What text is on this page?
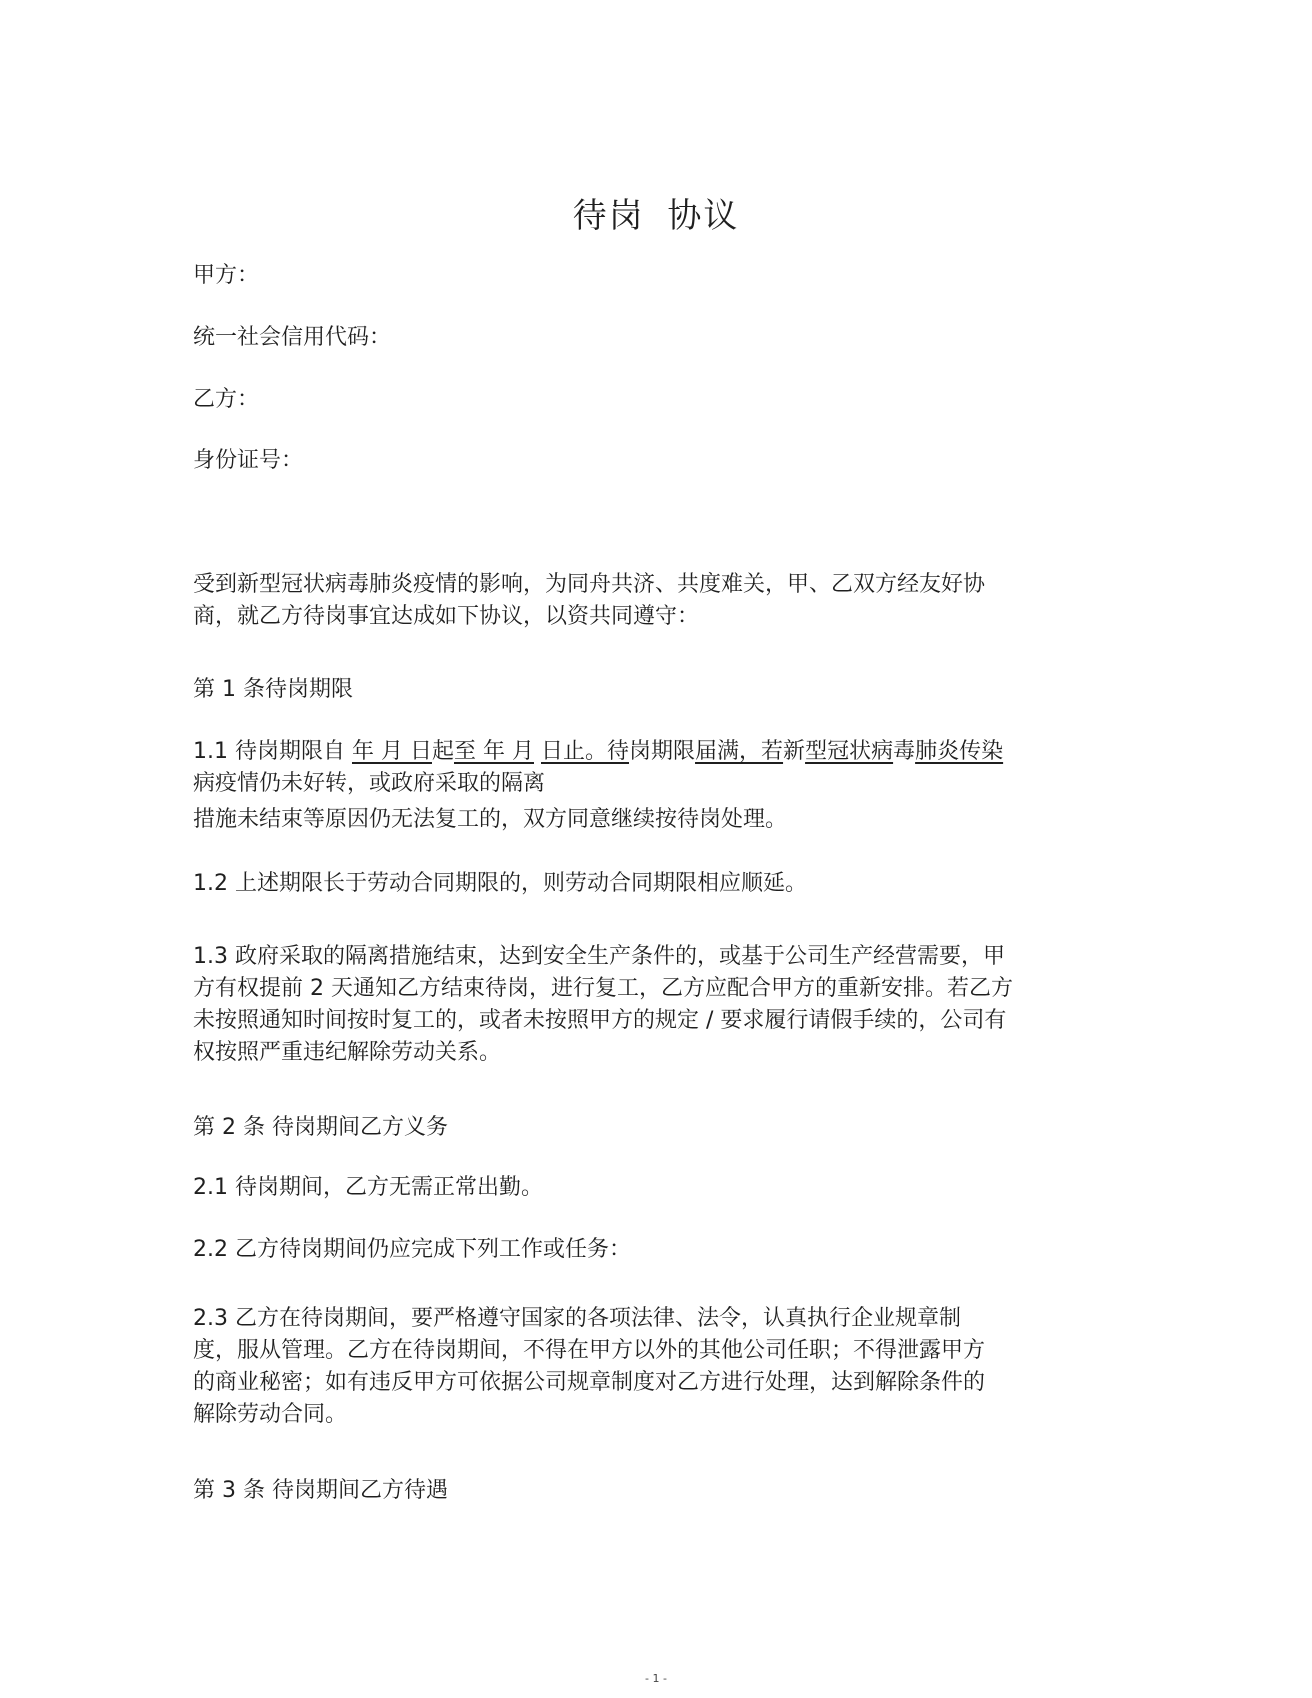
待岗 协议
甲方：
统一社会信用代码：
乙方：
身份证号：
受到新型冠状病毒肺炎疫情的影响，为同舟共济、共度难关，甲、乙双方经友好协
商，就乙方待岗事宜达成如下协议，以资共同遵守：
第 1 条待岗期限
1.1 待岗期限自 年 月 日起至 年 月 日止。待岗期限届满，若新型冠状病毒肺炎传染
病疫情仍未好转，或政府采取的隔离
措施未结束等原因仍无法复工的，双方同意继续按待岗处理。
1.2 上述期限长于劳动合同期限的，则劳动合同期限相应顺延。
1.3 政府采取的隔离措施结束，达到安全生产条件的，或基于公司生产经营需要，甲
方有权提前 2 天通知乙方结束待岗，进行复工，乙方应配合甲方的重新安排。若乙方
未按照通知时间按时复工的，或者未按照甲方的规定 / 要求履行请假手续的，公司有
权按照严重违纪解除劳动关系。
第 2 条 待岗期间乙方义务
2.1 待岗期间，乙方无需正常出勤。
2.2 乙方待岗期间仍应完成下列工作或任务：
2.3 乙方在待岗期间，要严格遵守国家的各项法律、法令，认真执行企业规章制
度，服从管理。乙方在待岗期间，不得在甲方以外的其他公司任职；不得泄露甲方
的商业秘密；如有违反甲方可依据公司规章制度对乙方进行处理，达到解除条件的
解除劳动合同。
第 3 条 待岗期间乙方待遇
- 1 -
